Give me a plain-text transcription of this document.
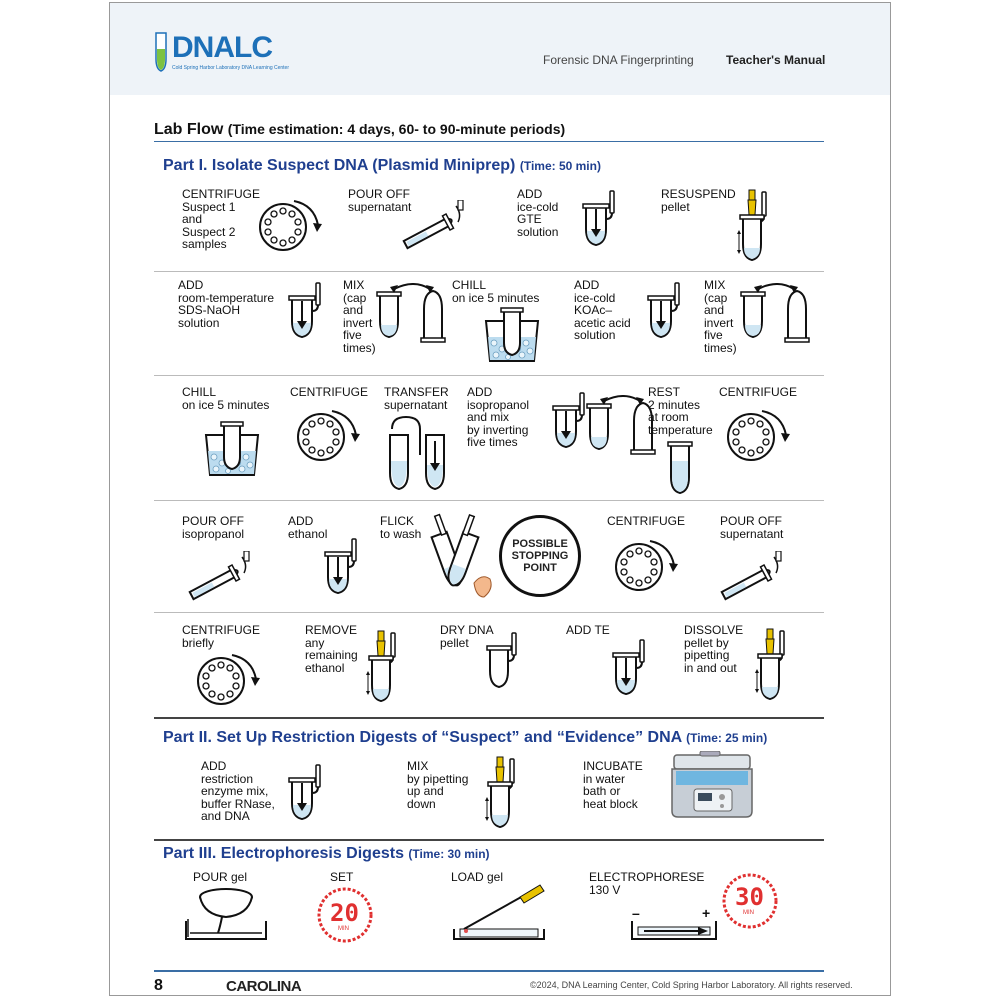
DNALC
Cold Spring Harbor Laboratory DNA Learning Center
Forensic DNA Fingerprinting	Teacher's Manual
Lab Flow (Time estimation: 4 days, 60- to 90-minute periods)
Part I. Isolate Suspect DNA (Plasmid Miniprep) (Time: 50 min)
CENTRIFUGE
Suspect 1
and
Suspect 2
samples
POUR OFF
supernatant
ADD
ice-cold
GTE
solution
RESUSPEND
pellet
ADD
room-temperature
SDS-NaOH
solution
MIX
(cap
and
invert
five
times)
CHILL
on ice 5 minutes
ADD
ice-cold
KOAc–
acetic acid
solution
MIX
(cap
and
invert
five
times)
CHILL
on ice 5 minutes
CENTRIFUGE TRANSFER
supernatant
ADD
isopropanol
and mix
by inverting
five times
REST
2 minutes
at room
temperature
CENTRIFUGE
POUR OFF
isopropanol
ADD
ethanol
FLICK
to wash
POSSIBLE
STOPPING
POINT
CENTRIFUGE	POUR OFF
supernatant
CENTRIFUGE
briefly
REMOVE
any
remaining
ethanol
DRY DNA
pellet
ADD TE	DISSOLVE
pellet by
pipetting
in and out
Part II. Set Up Restriction Digests of “Suspect” and “Evidence” DNA (Time: 25 min)
ADD
restriction
enzyme mix,
buffer RNase,
and DNA
MIX
by pipetting
up and
down
INCUBATE
in water
bath or
heat block
Part III. Electrophoresis Digests (Time: 30 min)
POUR gel	SET
20
MIN
LOAD gel	ELECTROPHORESE
130 V
–	+
30
MIN
8	CAROLINA	©2024, DNA Learning Center, Cold Spring Harbor Laboratory. All rights reserved.
